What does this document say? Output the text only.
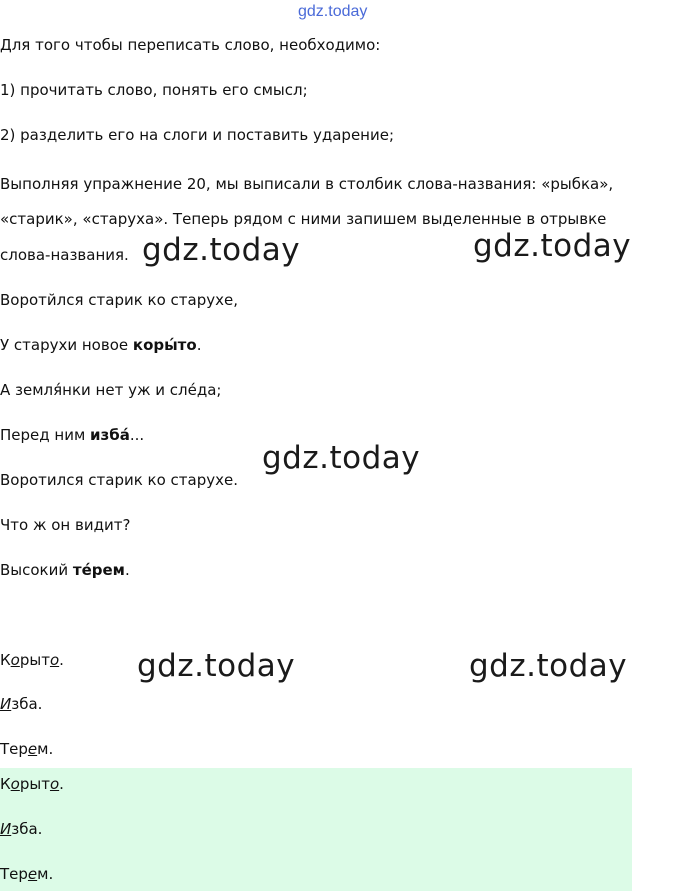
gdz.today
Для того чтобы переписать слово, необходимо:
1) прочитать слово, понять его смысл;
2) разделить его на слоги и поставить ударение;
Выполняя упражнение 20, мы выписали в столбик слова-названия: «рыбка»,
«старик», «старуха». Теперь рядом с ними запишем выделенные в отрывке
слова-названия.
Воротйлся старик ко старухе,
У старухи новое коры́то.
А земля́нки нет уж и сле́да;
Перед ним изба́...
Воротился старик ко старухе.
Что ж он видит?
Высокий те́рем.
Корыто.
Изба.
Терем.
Корыто.
Изба.
Терем.
gdz.today	gdz.today
gdz.today
gdz.today	gdz.today
